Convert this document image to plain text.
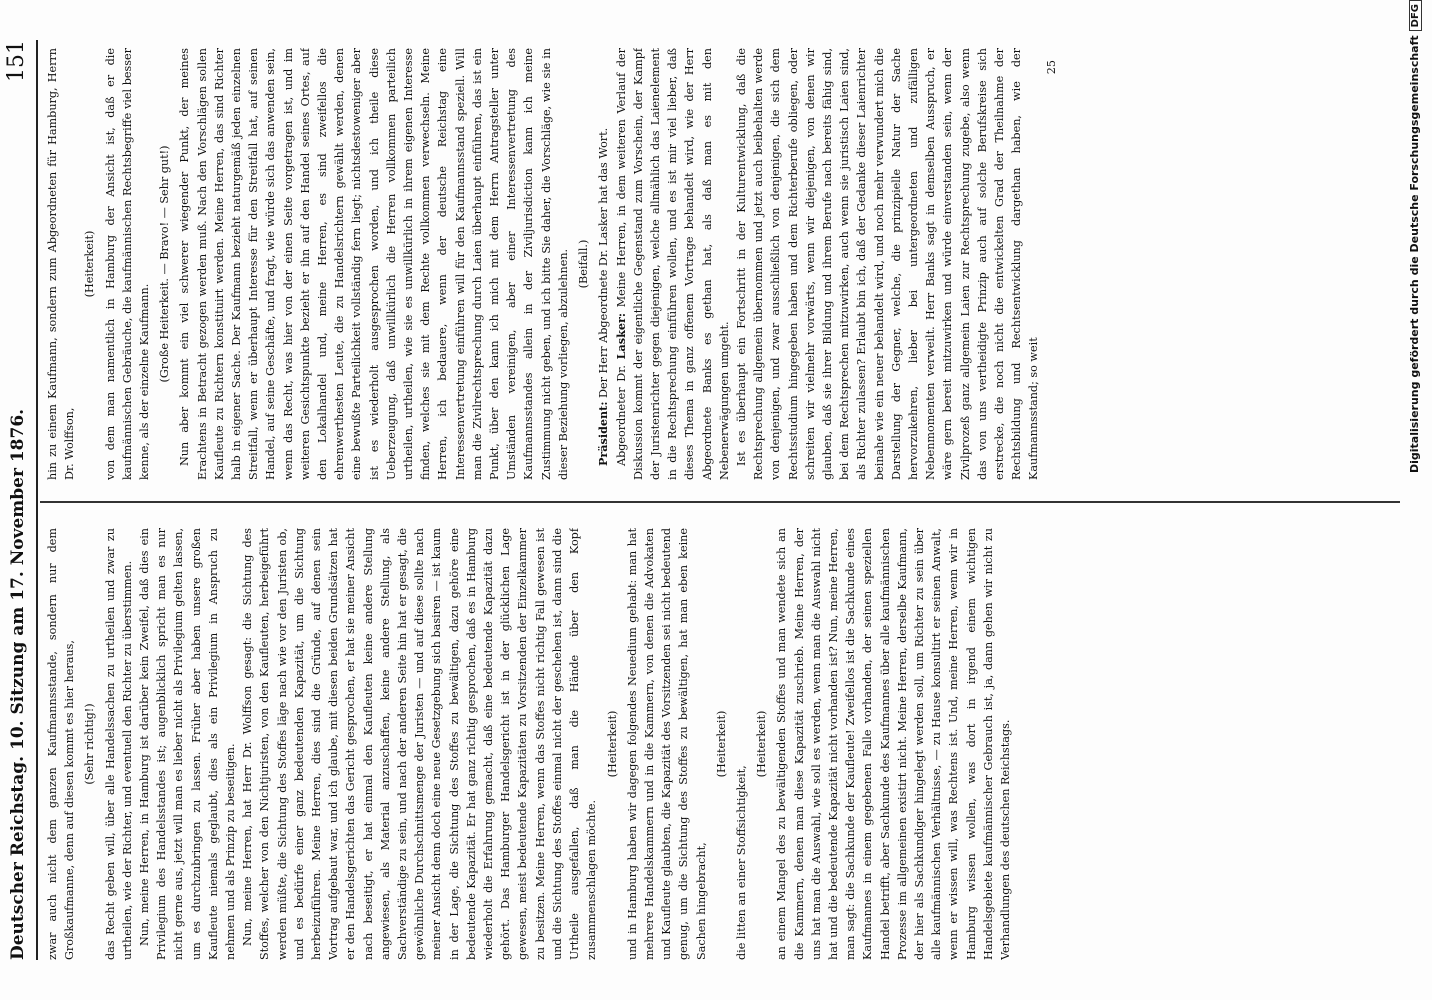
Deutscher Reichstag. 10. Sitzung am 17. November 1876.
151

zwar auch nicht dem ganzen Kaufmannsstande, sondern nur dem Großkaufmanne, denn auf diesen kommt es hier heraus, (Sehr richtig!) das Recht geben will, über alle Handelssachen zu urtheilen und zwar zu urtheilen, wie der Richter, und eventuell den Richter zu überstimmen. Nun, meine Herren, in Hamburg ist darüber kein Zweifel, daß dies ein Privilegium des Handelsstandes ist; augenblicklich spricht man es nur nicht gerne aus, jetzt will man es lieber nicht als Privilegium gelten lassen, um es durchzubringen zu lassen. Früher aber haben unsere großen Kaufleute niemals geglaubt, dies als ein Privilegium in Anspruch zu nehmen und als Prinzip zu beseitigen. Nun, meine Herren, hat Herr Dr. Wolffson gesagt: die Sichtung des Stoffes, welcher von den Nichtjuristen, von den Kaufleuten, herbeigeführt werden müßte, die Sichtung des Stoffes läge nach wie vor den Juristen ob, und es bedürfe einer ganz bedeutenden Kapazität, um die Sichtung herbeizuführen. Meine Herren, dies sind die Gründe, auf denen sein Vortrag aufgebaut war, und ich glaube, mit diesen beiden Grundsätzen hat er den Handelsgerichten das Gericht gesprochen, er hat sie meiner Ansicht nach beseitigt, er hat einmal den Kaufleuten keine andere Stellung angewiesen, als Material anzuschaffen, keine andere Stellung, als Sachverständige zu sein, und nach der anderen Seite hin hat er gesagt, die gewöhnliche Durchschnittsmenge der Juristen — und auf diese sollte nach meiner Ansicht denn doch eine neue Gesetzgebung sich basiren — ist kaum in der Lage, die Sichtung des Stoffes zu bewältigen, dazu gehöre eine bedeutende Kapazität. Er hat ganz richtig gesprochen, daß es in Hamburg wiederholt die Erfahrung gemacht, daß eine bedeutende Kapazität dazu gehört. Das Hamburger Handelsgericht ist in der glücklichen Lage gewesen, meist bedeutende Kapazitäten zu Vorsitzenden der Einzelkammer zu besitzen. Meine Herren, wenn das Stoffes nicht richtig Fall gewesen ist und die Sichtung des Stoffes einmal nicht der geschehen ist, dann sind die Urtheile ausgefallen, daß man die Hände über den Kopf zusammenschlagen möchte.

(Heiterkeit) und in Hamburg haben wir dagegen folgendes Neuedium gehabt: man hat mehrere Handelskammern und in die Kammern, von denen die Advokaten und Kaufleute glaubten, die Kapazität des Vorsitzenden sei nicht bedeutend genug, um die Sichtung des Stoffes zu bewältigen, hat man eben keine Sachen hingebracht,

(Heiterkeit)

die litten an einer Stoffsichtigkeit,

(Heiterkeit) an einem Mangel des zu bewältigenden Stoffes und man wendete sich an die Kammern, denen man diese Kapazität zuschrieb. Meine Herren, der uns hat man die Auswahl, wie soll es werden, wenn man die Auswahl nicht hat und die bedeutende Kapazität nicht vorhanden ist? Nun, meine Herren, man sagt: die Sachkunde der Kaufleute! Zweifellos ist die Sachkunde eines Kaufmannes in einem gegebenen Falle vorhanden, der seinen speziellen Handel betrifft, aber Sachkunde des Kaufmannes über alle kaufmännischen Prozesse im allgemeinen existirt nicht. Meine Herren, derselbe Kaufmann, der hier als Sachkundiger hingelegt werden soll, um Richter zu sein über alle kaufmännischen Verhältnisse, — zu Hause konsultirt er seinen Anwalt, wenn er wissen will, was Rechtens ist. Und, meine Herren, wenn wir in Hamburg wissen wollen, was dort in irgend einem wichtigen Handelsgebiete kaufmännischer Gebrauch ist, ja, dann gehen wir nicht zu Verhandlungen des deutschen Reichstags.

hin zu einem Kaufmann, sondern zum Abgeordneten für Hamburg, Herrn Dr. Wolffson,

(Heiterkeit) von dem man namentlich in Hamburg der Ansicht ist, daß er die kaufmännischen Gebräuche, die kaufmännischen Rechtsbegriffe viel besser kenne, als der einzelne Kaufmann. (Große Heiterkeit. — Bravo! — Sehr gut!) Nun aber kommt ein viel schwerer wiegender Punkt, der meines Erachtens in Betracht gezogen werden muß. Nach den Vorschlägen sollen Kaufleute zu Richtern konstituirt werden. Meine Herren, das sind Richter halb in eigener Sache. Der Kaufmann bezieht naturgemäß jeden einzelnen Streitfall, wenn er überhaupt Interesse für den Streitfall hat, auf seinen Handel, auf seine Geschäfte, und fragt, wie würde sich das anwenden sein, wenn das Recht, was hier von der einen Seite vorgetragen ist, und im weiteren Gesichtspunkte bezieht er ihn auf den Handel seines Ortes, auf den Lokalhandel und, meine Herren, es sind zweifellos die ehrenwerthesten Leute, die zu Handelsrichtern gewählt werden, denen eine bewußte Parteilichkeit vollständig fern liegt; nichtsdestoweniger aber ist es wiederholt ausgesprochen worden, und ich theile diese Ueberzeugung, daß unwillkürlich die Herren vollkommen parteilich urtheilen, urtheilen, wie sie es unwillkürlich in ihrem eigenen Interesse finden, welches sie mit dem Rechte vollkommen verwechseln. Meine Herren, ich bedauere, wenn der deutsche Reichstag eine Interessenvertretung einführen will für den Kaufmannsstand speziell. Will man die Zivilrechtsprechung durch Laien überhaupt einführen, das ist ein Punkt, über den kann ich mich mit dem Herrn Antragsteller unter Umständen vereinigen, aber einer Interessenvertretung des Kaufmannsstandes allein in der Ziviljurisdiction kann ich meine Zustimmung nicht geben, und ich bitte Sie daher, die Vorschläge, wie sie in dieser Beziehung vorliegen, abzulehnen. (Beifall.)

Präsident: Der Herr Abgeordnete Dr. Lasker hat das Wort.

Abgeordneter Dr. Lasker: Meine Herren, in dem weiteren Verlauf der Diskussion kommt der eigentliche Gegenstand zum Vorschein, der Kampf der Juristenrichter gegen diejenigen, welche allmählich das Laienelement in die Rechtsprechung einführen wollen, und es ist mir viel lieber, daß dieses Thema in ganz offenem Vortrage behandelt wird, wie der Herr Abgeordnete Banks es gethan hat, als daß man es mit den Nebenerwägungen umgeht. Ist es überhaupt ein Fortschritt in der Kulturentwicklung, daß die Rechtsprechung allgemein übernommen und jetzt auch beibehalten werde von denjenigen, und zwar ausschließlich von denjenigen, die sich dem Rechtsstudium hingegeben haben und dem Richterberufe obliegen, oder schreiten wir vielmehr vorwärts, wenn wir diejenigen, von denen wir glauben, daß sie ihrer Bildung und ihrem Berufe nach bereits fähig sind, bei dem Rechtsprechen mitzuwirken, auch wenn sie juristisch Laien sind, als Richter zulassen? Erlaubt bin ich, daß der Gedanke dieser Laienrichter beinahe wie ein neuer behandelt wird, und noch mehr verwundert mich die Darstellung der Gegner, welche, die prinzipielle Natur der Sache hervorzukehren, lieber bei untergeordneten und zufälligen Nebenmomenten verweilt. Herr Banks sagt in demselben Ausspruch, er wäre gern bereit mitzuwirken und würde einverstanden sein, wenn der Zivilprozeß ganz allgemein Laien zur Rechtsprechung zugebe, also wenn das von uns vertheidigte Prinzip auch auf solche Berufskreise sich erstrecke, die noch nicht die entwickelten Grad der Theilnahme der Rechtsbildung und Rechtsentwicklung dargethan haben, wie der Kaufmannsstand; so weit

25	Digitalisierung gefördert durch die Deutsche ForschungsgemeinschaftDFG
